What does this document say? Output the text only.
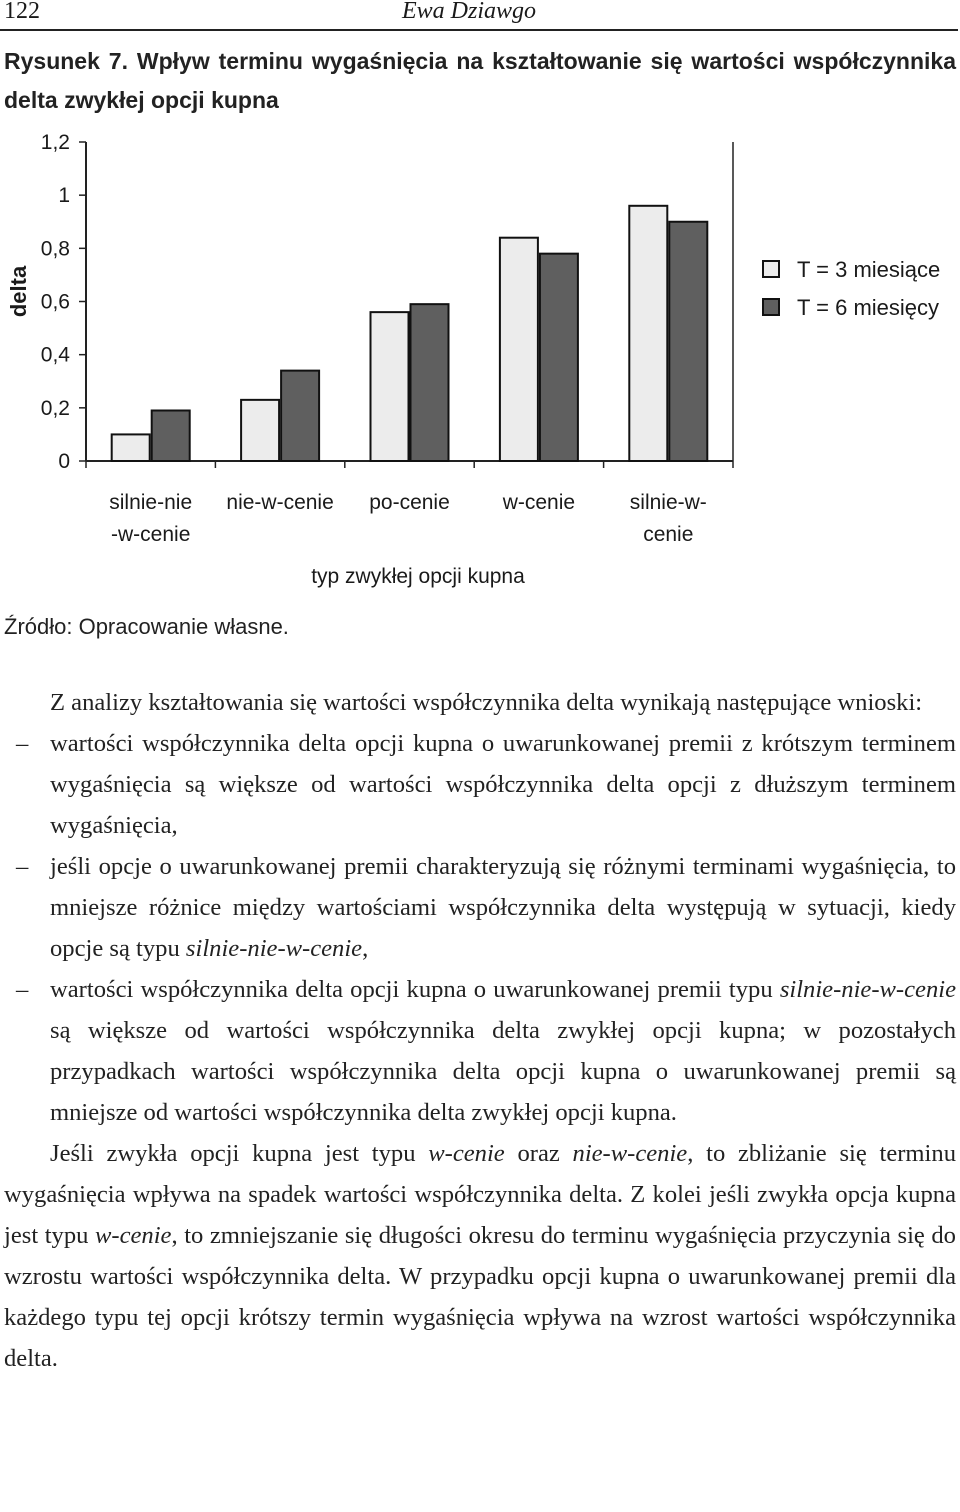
122	Ewa Dziawgo
Rysunek 7. Wpływ terminu wygaśnięcia na kształtowanie się wartości współczynnika delta zwykłej opcji kupna
0
0,2
0,4
0,6
0,8
1
1,2
silnie-nie
-w-cenie
nie-w-cenie po-cenie	w-cenie	silnie-w-
cenie
delta
typ zwykłej opcji kupna
T = 3 miesiące
T = 6 miesięcy
Źródło: Opracowanie własne.

Z analizy kształtowania się wartości współczynnika delta wynikają następujące wnioski:

– wartości współczynnika delta opcji kupna o uwarunkowanej premii z krótszym terminem wygaśnięcia są większe od wartości współczynnika delta opcji z dłuższym terminem wygaśnięcia,
– jeśli opcje o uwarunkowanej premii charakteryzują się różnymi terminami wygaśnięcia, to mniejsze różnice między wartościami współczynnika delta występują w sytuacji, kiedy opcje są typu silnie-nie-w-cenie,
– wartości współczynnika delta opcji kupna o uwarunkowanej premii typu silnie-nie-w-cenie są większe od wartości współczynnika delta zwykłej opcji kupna; w pozostałych przypadkach wartości współczynnika delta opcji kupna o uwarunkowanej premii są mniejsze od wartości współczynnika delta zwykłej opcji kupna.

Jeśli zwykła opcji kupna jest typu w-cenie oraz nie-w-cenie, to zbliżanie się terminu wygaśnięcia wpływa na spadek wartości współczynnika delta. Z kolei jeśli zwykła opcja kupna jest typu w-cenie, to zmniejszanie się długości okresu do terminu wygaśnięcia przyczynia się do wzrostu wartości współczynnika delta. W przypadku opcji kupna o uwarunkowanej premii dla każdego typu tej opcji krótszy termin wygaśnięcia wpływa na wzrost wartości współczynnika delta.
